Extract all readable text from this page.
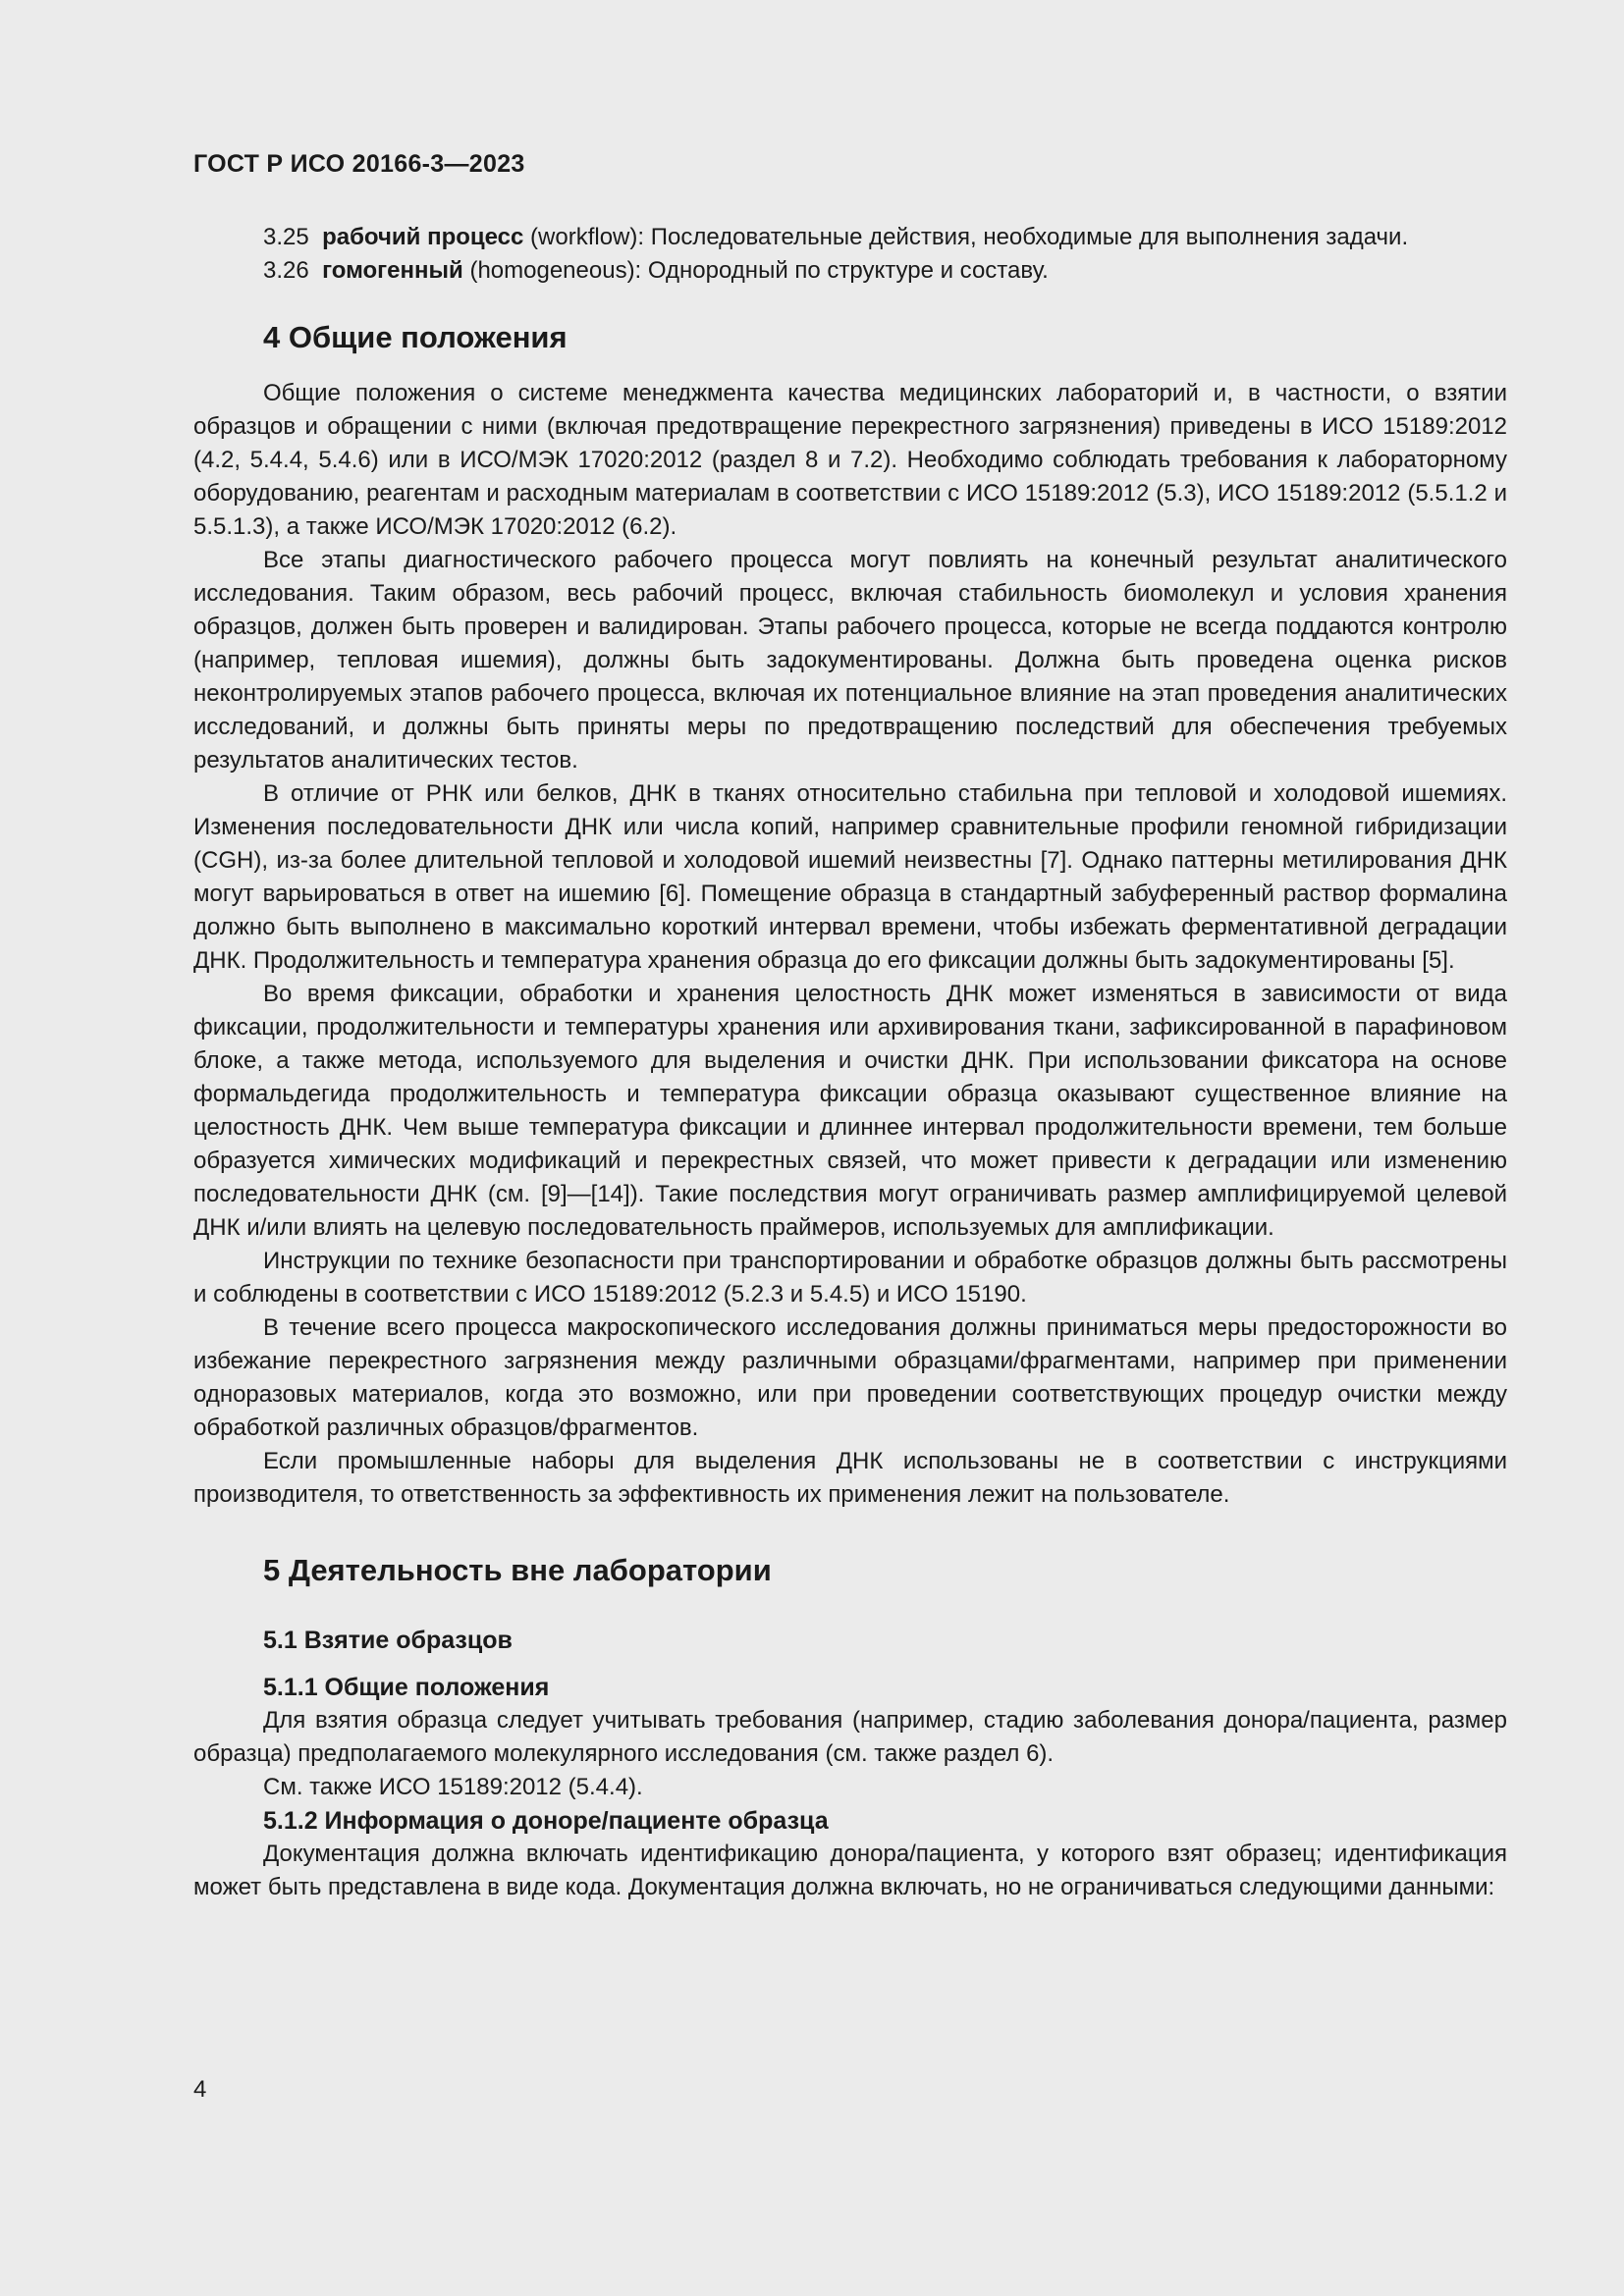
ГОСТ Р ИСО 20166-3—2023

3.25 рабочий процесс (workflow): Последовательные действия, необходимые для выполнения задачи.

3.26 гомогенный (homogeneous): Однородный по структуре и составу.

4 Общие положения

Общие положения о системе менеджмента качества медицинских лабораторий и, в частности, о взятии образцов и обращении с ними (включая предотвращение перекрестного загрязнения) приведены в ИСО 15189:2012 (4.2, 5.4.4, 5.4.6) или в ИСО/МЭК 17020:2012 (раздел 8 и 7.2). Необходимо соблюдать требования к лабораторному оборудованию, реагентам и расходным материалам в соответствии с ИСО 15189:2012 (5.3), ИСО 15189:2012 (5.5.1.2 и 5.5.1.3), а также ИСО/МЭК 17020:2012 (6.2).

Все этапы диагностического рабочего процесса могут повлиять на конечный результат аналитического исследования. Таким образом, весь рабочий процесс, включая стабильность биомолекул и условия хранения образцов, должен быть проверен и валидирован. Этапы рабочего процесса, которые не всегда поддаются контролю (например, тепловая ишемия), должны быть задокументированы. Должна быть проведена оценка рисков неконтролируемых этапов рабочего процесса, включая их потенциальное влияние на этап проведения аналитических исследований, и должны быть приняты меры по предотвращению последствий для обеспечения требуемых результатов аналитических тестов.

В отличие от РНК или белков, ДНК в тканях относительно стабильна при тепловой и холодовой ишемиях. Изменения последовательности ДНК или числа копий, например сравнительные профили геномной гибридизации (CGH), из-за более длительной тепловой и холодовой ишемий неизвестны [7]. Однако паттерны метилирования ДНК могут варьироваться в ответ на ишемию [6]. Помещение образца в стандартный забуференный раствор формалина должно быть выполнено в максимально короткий интервал времени, чтобы избежать ферментативной деградации ДНК. Продолжительность и температура хранения образца до его фиксации должны быть задокументированы [5].

Во время фиксации, обработки и хранения целостность ДНК может изменяться в зависимости от вида фиксации, продолжительности и температуры хранения или архивирования ткани, зафиксированной в парафиновом блоке, а также метода, используемого для выделения и очистки ДНК. При использовании фиксатора на основе формальдегида продолжительность и температура фиксации образца оказывают существенное влияние на целостность ДНК. Чем выше температура фиксации и длиннее интервал продолжительности времени, тем больше образуется химических модификаций и перекрестных связей, что может привести к деградации или изменению последовательности ДНК (см. [9]—[14]). Такие последствия могут ограничивать размер амплифицируемой целевой ДНК и/или влиять на целевую последовательность праймеров, используемых для амплификации.

Инструкции по технике безопасности при транспортировании и обработке образцов должны быть рассмотрены и соблюдены в соответствии с ИСО 15189:2012 (5.2.3 и 5.4.5) и ИСО 15190.

В течение всего процесса макроскопического исследования должны приниматься меры предосторожности во избежание перекрестного загрязнения между различными образцами/фрагментами, например при применении одноразовых материалов, когда это возможно, или при проведении соответствующих процедур очистки между обработкой различных образцов/фрагментов.

Если промышленные наборы для выделения ДНК использованы не в соответствии с инструкциями производителя, то ответственность за эффективность их применения лежит на пользователе.

5 Деятельность вне лаборатории
5.1 Взятие образцов
5.1.1 Общие положения

Для взятия образца следует учитывать требования (например, стадию заболевания донора/пациента, размер образца) предполагаемого молекулярного исследования (см. также раздел 6).

См. также ИСО 15189:2012 (5.4.4).

5.1.2 Информация о доноре/пациенте образца

Документация должна включать идентификацию донора/пациента, у которого взят образец; идентификация может быть представлена в виде кода. Документация должна включать, но не ограничиваться следующими данными:

4
